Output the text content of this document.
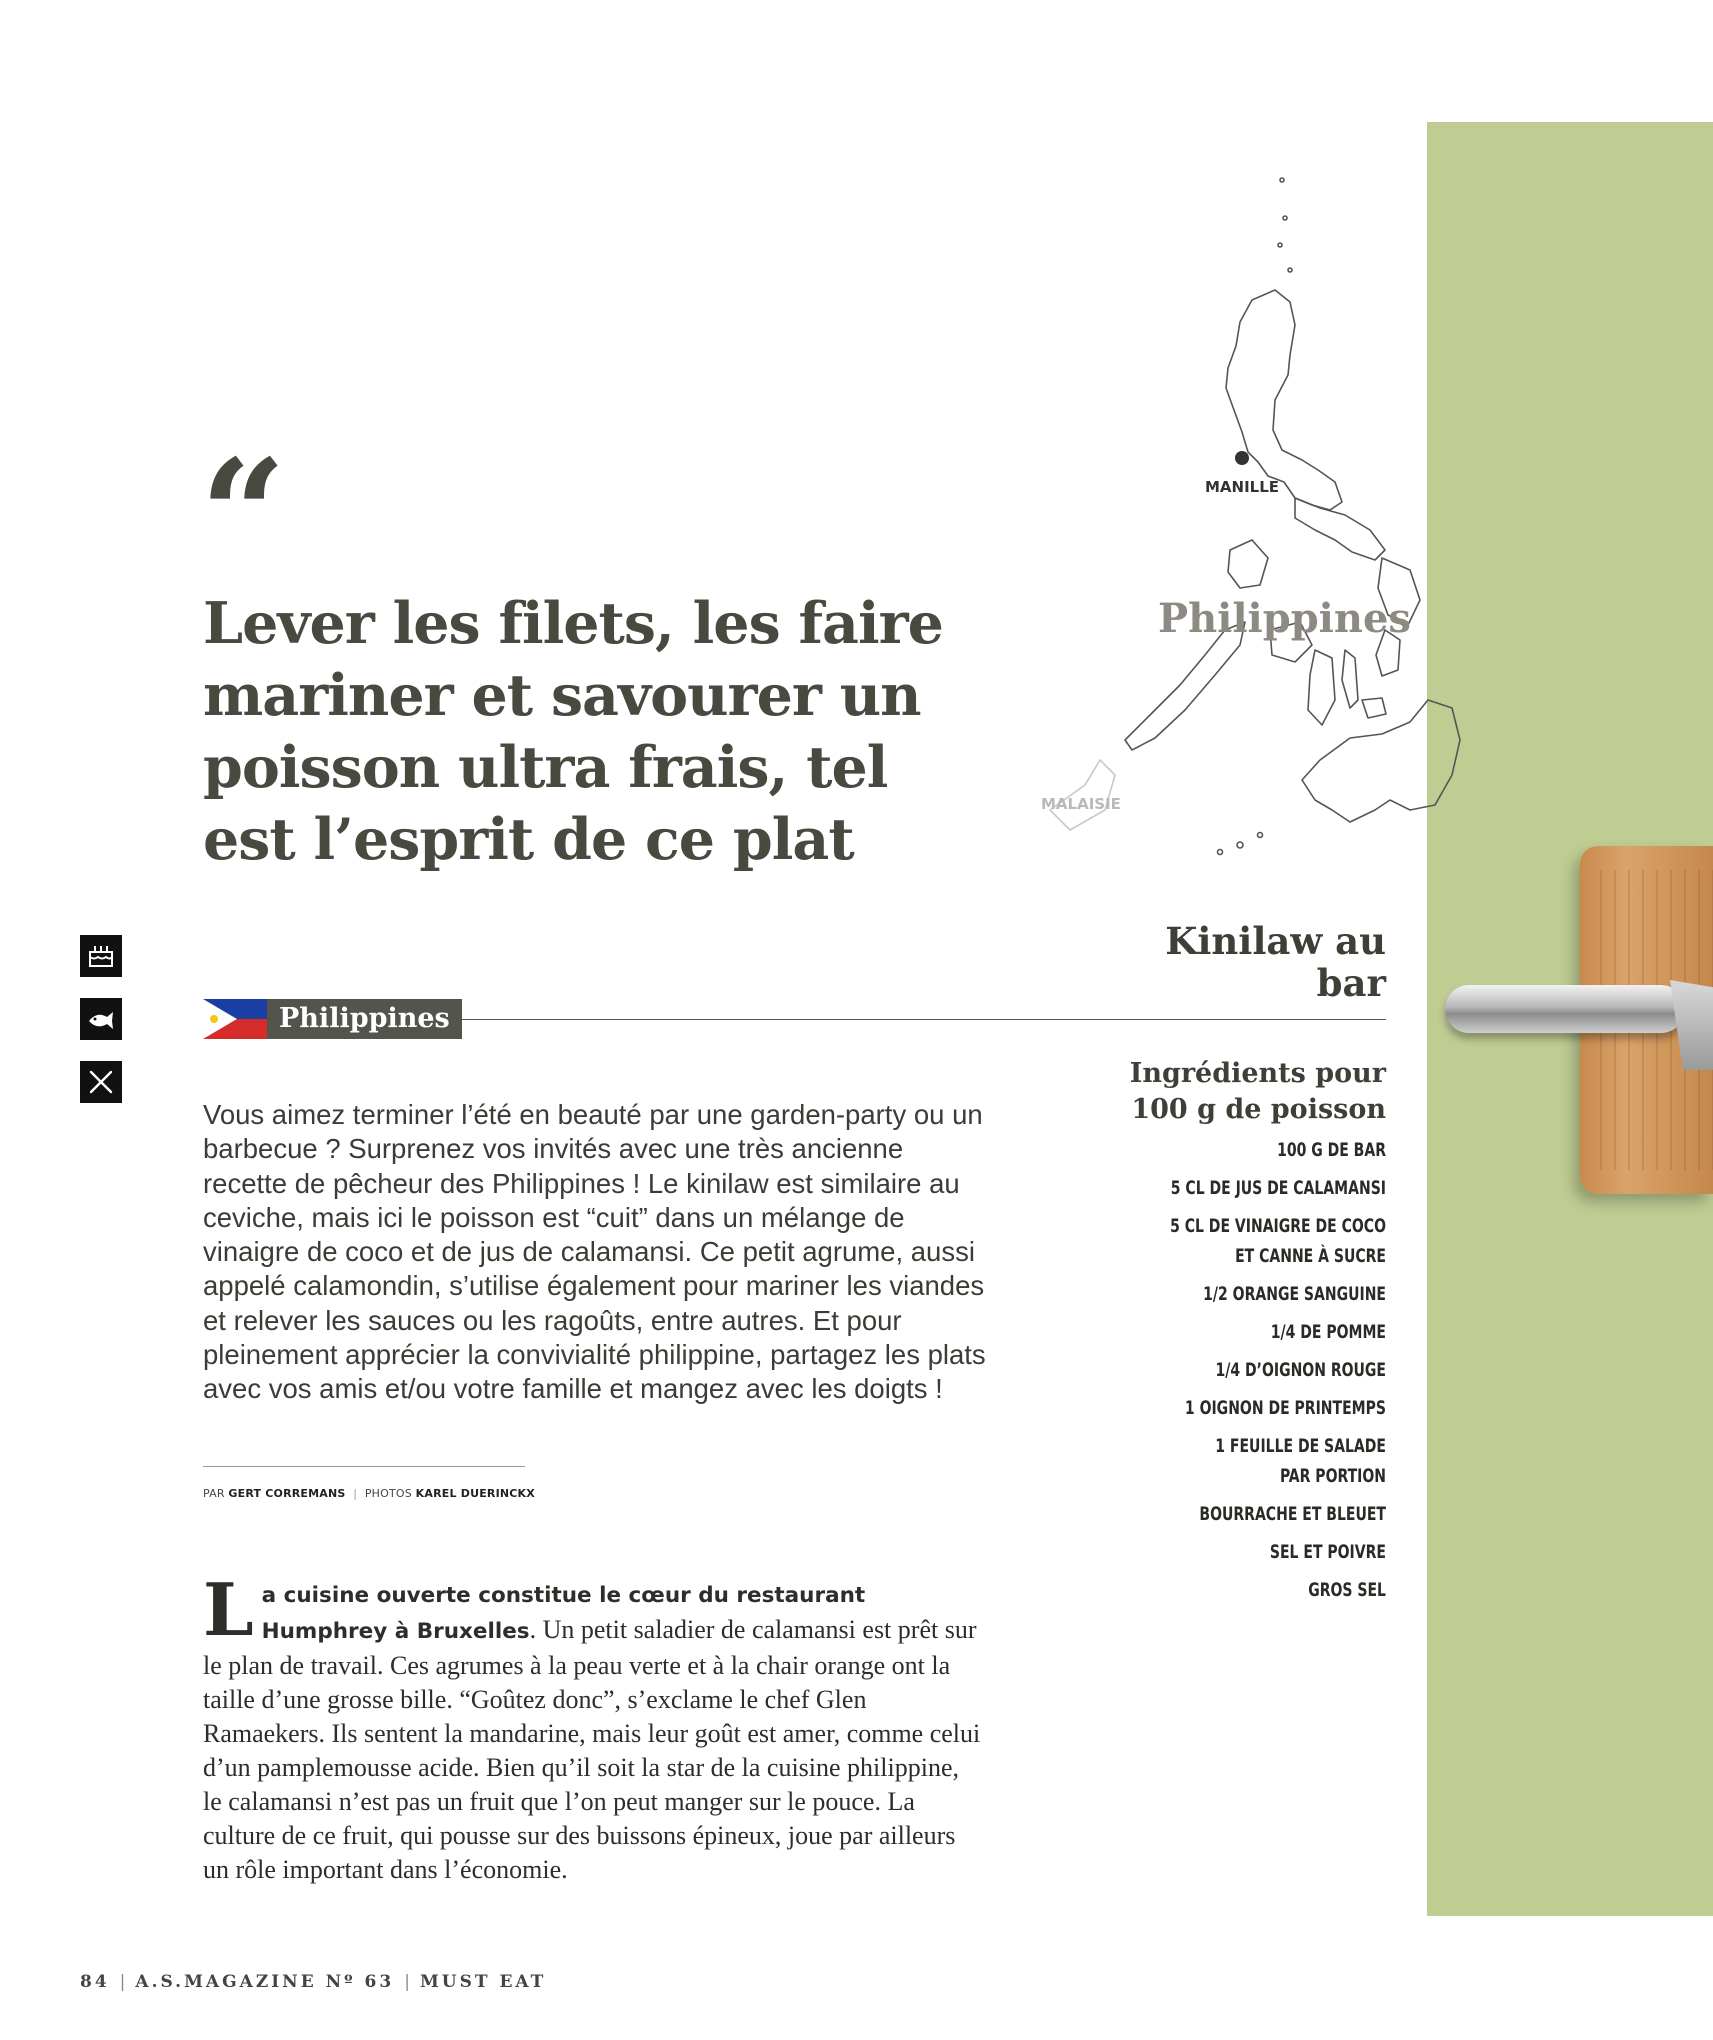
MANILLE
Philippines
MALAISIE
“
Lever les filets, les faire mariner et savourer un poisson ultra frais, tel est l’esprit de ce plat
Philippines
Vous aimez terminer l’été en beauté par une garden-party ou un barbecue ? Surprenez vos invités avec une très ancienne recette de pêcheur des Philippines ! Le kinilaw est similaire au ceviche, mais ici le poisson est “cuit” dans un mélange de vinaigre de coco et de jus de calamansi. Ce petit agrume, aussi appelé calamondin, s’utilise également pour mariner les viandes et relever les sauces ou les ragoûts, entre autres. Et pour pleinement apprécier la convivialité philippine, partagez les plats avec vos amis et/ou votre famille et mangez avec les doigts !
PAR GERT CORREMANS | PHOTOS KAREL DUERINCKX
La cuisine ouverte constitue le cœur du restaurant Humphrey à Bruxelles. Un petit saladier de calamansi est prêt sur le plan de travail. Ces agrumes à la peau verte et à la chair orange ont la taille d’une grosse bille. “Goûtez donc”, s’exclame le chef Glen Ramaekers. Ils sentent la mandarine, mais leur goût est amer, comme celui d’un pamplemousse acide. Bien qu’il soit la star de la cuisine philippine, le calamansi n’est pas un fruit que l’on peut manger sur le pouce. La culture de ce fruit, qui pousse sur des buissons épineux, joue par ailleurs un rôle important dans l’économie.
Kinilaw au bar
Ingrédients pour 100 g de poisson
100 G DE BAR
5 CL DE JUS DE CALAMANSI
5 CL DE VINAIGRE DE COCO
ET CANNE À SUCRE
1/2 ORANGE SANGUINE
1/4 DE POMME
1/4 D’OIGNON ROUGE
1 OIGNON DE PRINTEMPS
1 FEUILLE DE SALADE
PAR PORTION
BOURRACHE ET BLEUET
SEL ET POIVRE
GROS SEL
84 | A.S.MAGAZINE Nº 63 | MUST EAT
